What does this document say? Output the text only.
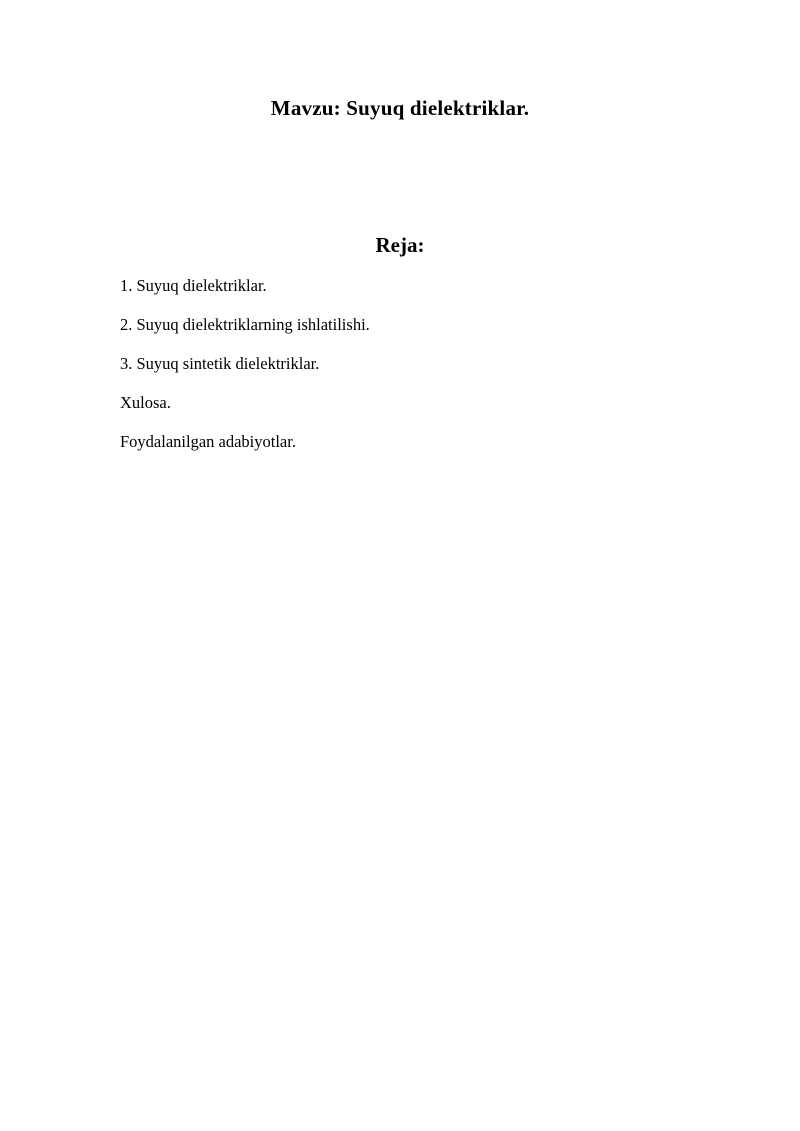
Mavzu: Suyuq dielektriklar.
Reja:

1. Suyuq dielektriklar.

2. Suyuq dielektriklarning ishlatilishi.

3. Suyuq sintetik dielektriklar.

Xulosa.

Foydalanilgan adabiyotlar.
